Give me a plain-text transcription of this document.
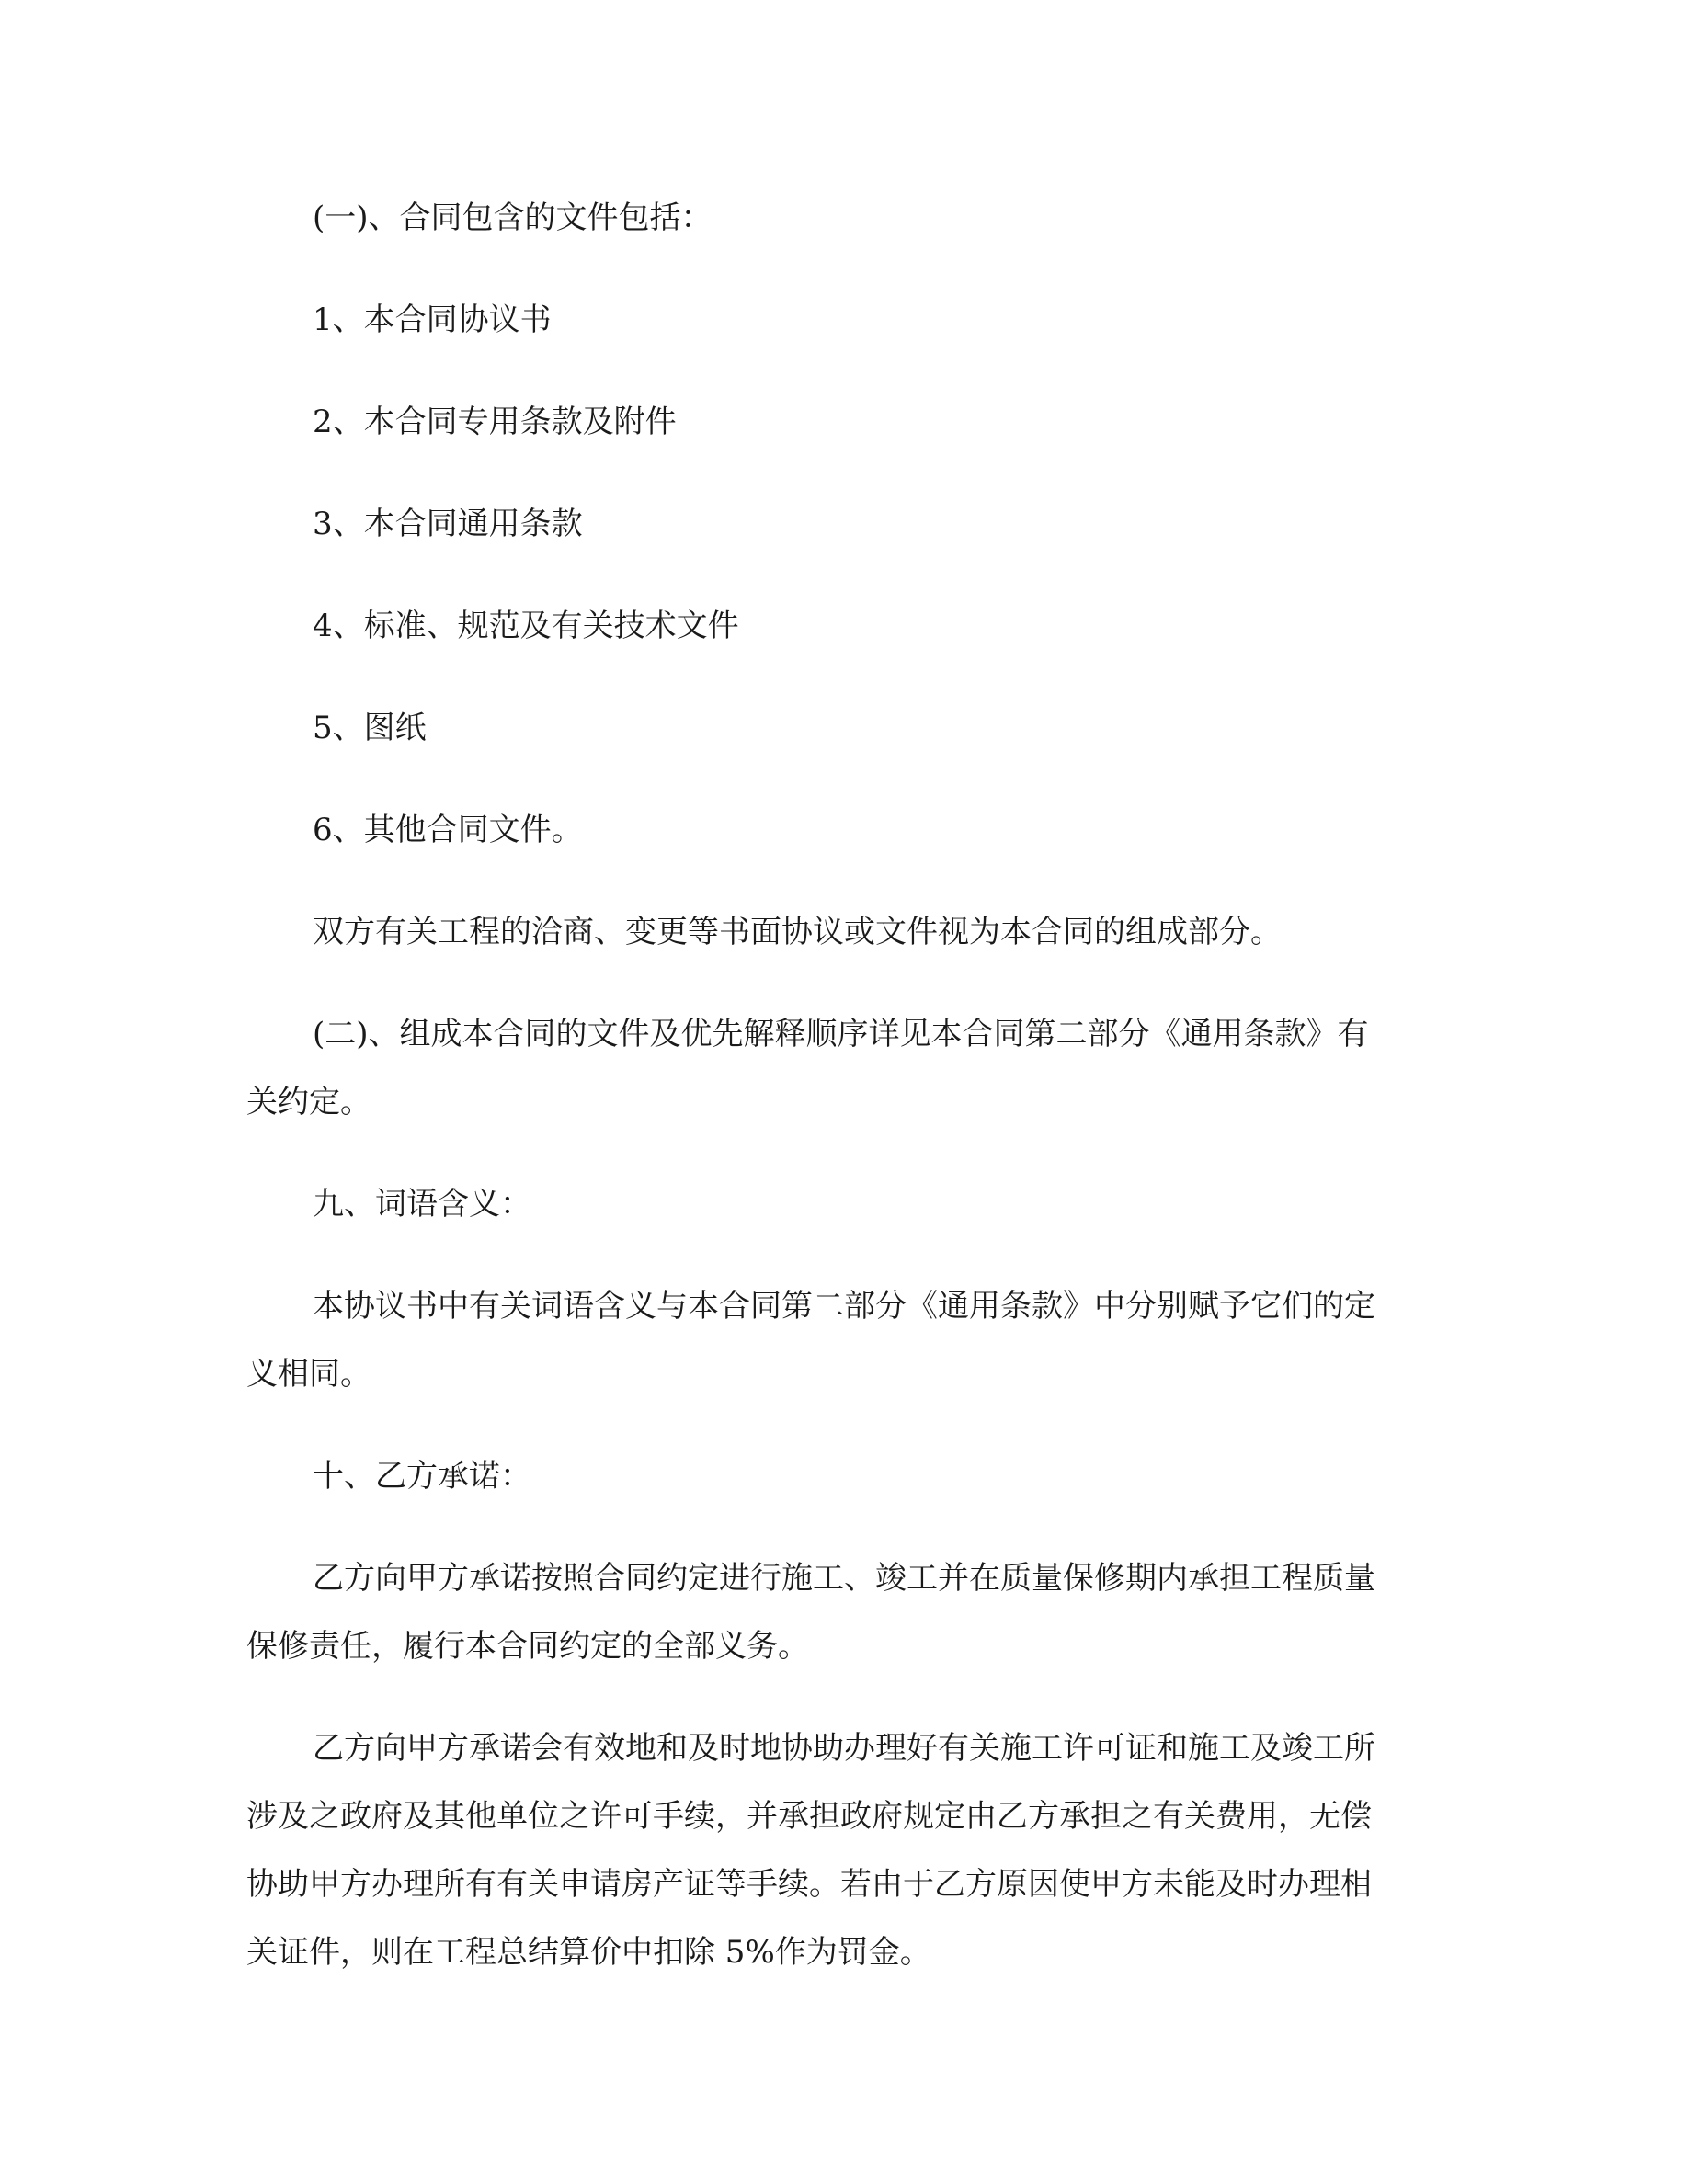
(一)、合同包含的文件包括：

1、本合同协议书

2、本合同专用条款及附件

3、本合同通用条款

4、标准、规范及有关技术文件

5、图纸

6、其他合同文件。

双方有关工程的洽商、变更等书面协议或文件视为本合同的组成部分。

(二)、组成本合同的文件及优先解释顺序详见本合同第二部分《通用条款》有
关约定。

九、词语含义：

本协议书中有关词语含义与本合同第二部分《通用条款》中分别赋予它们的定
义相同。

十、乙方承诺：

乙方向甲方承诺按照合同约定进行施工、竣工并在质量保修期内承担工程质量
保修责任，履行本合同约定的全部义务。

乙方向甲方承诺会有效地和及时地协助办理好有关施工许可证和施工及竣工所
涉及之政府及其他单位之许可手续，并承担政府规定由乙方承担之有关费用，无偿
协助甲方办理所有有关申请房产证等手续。若由于乙方原因使甲方未能及时办理相
关证件，则在工程总结算价中扣除 5%作为罚金。
